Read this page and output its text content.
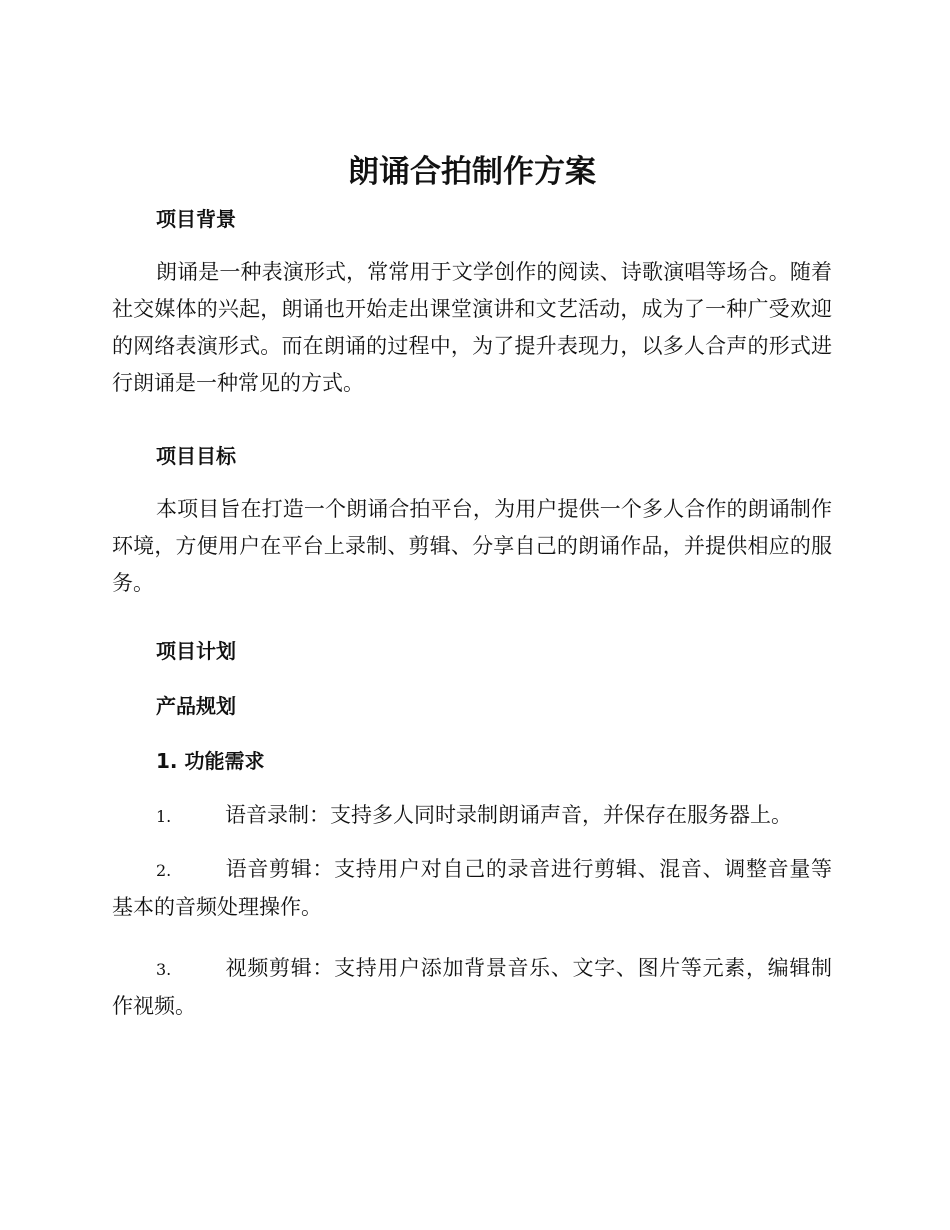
朗诵合拍制作方案
项目背景

朗诵是一种表演形式，常常用于文学创作的阅读、诗歌演唱等场合。随着社交媒体的兴起，朗诵也开始走出课堂演讲和文艺活动，成为了一种广受欢迎的网络表演形式。而在朗诵的过程中，为了提升表现力，以多人合声的形式进行朗诵是一种常见的方式。

项目目标

本项目旨在打造一个朗诵合拍平台，为用户提供一个多人合作的朗诵制作环境，方便用户在平台上录制、剪辑、分享自己的朗诵作品，并提供相应的服务。

项目计划
产品规划
1. 功能需求

1.	语音录制：支持多人同时录制朗诵声音，并保存在服务器上。

2.	语音剪辑：支持用户对自己的录音进行剪辑、混音、调整音量等基本的音频处理操作。

3.	视频剪辑：支持用户添加背景音乐、文字、图片等元素，编辑制作视频。
